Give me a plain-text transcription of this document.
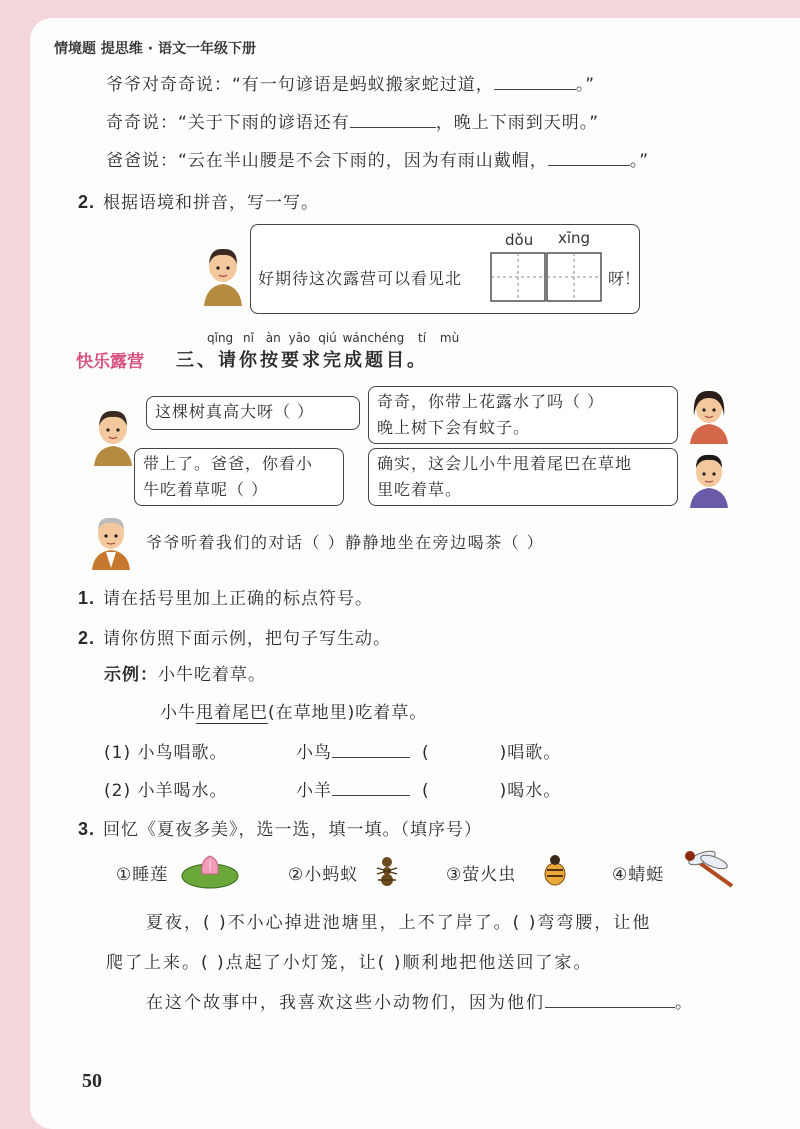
情境题 提思维 · 语文一年级下册
爷爷对奇奇说：“有一句谚语是蚂蚁搬家蛇过道，	。”
奇奇说：“关于下雨的谚语还有	，晚上下雨到天明。”
爸爸说：“云在半山腰是不会下雨的，因为有雨山戴帽，	。”
2. 根据语境和拼音，写一写。
好期待这次露营可以看见北
dǒu xīng
呀！
快乐露营
qǐng nǐ àn yāo qiú wánchéng tí mù
三、请你按要求完成题目。
这棵树真高大呀（ ）
奇奇，你带上花露水了吗（ ）
晚上树下会有蚊子。
带上了。爸爸，你看小
牛吃着草呢（ ）
确实，这会儿小牛甩着尾巴在草地
里吃着草。
爷爷听着我们的对话（ ）静静地坐在旁边喝茶（ ）
1. 请在括号里加上正确的标点符号。
2. 请你仿照下面示例，把句子写生动。
示例：小牛吃着草。
小牛甩着尾巴(在草地里)吃着草。
(1) 小鸟唱歌。	小鸟	(	)唱歌。
(2) 小羊喝水。	小羊	(	)喝水。
3. 回忆《夏夜多美》，选一选，填一填。（填序号）
①睡莲	②小蚂蚁	③萤火虫	④蜻蜓
夏夜，( )不小心掉进池塘里，上不了岸了。( )弯弯腰，让他
爬了上来。( )点起了小灯笼，让( )顺利地把他送回了家。
在这个故事中，我喜欢这些小动物们，因为他们	。
50
